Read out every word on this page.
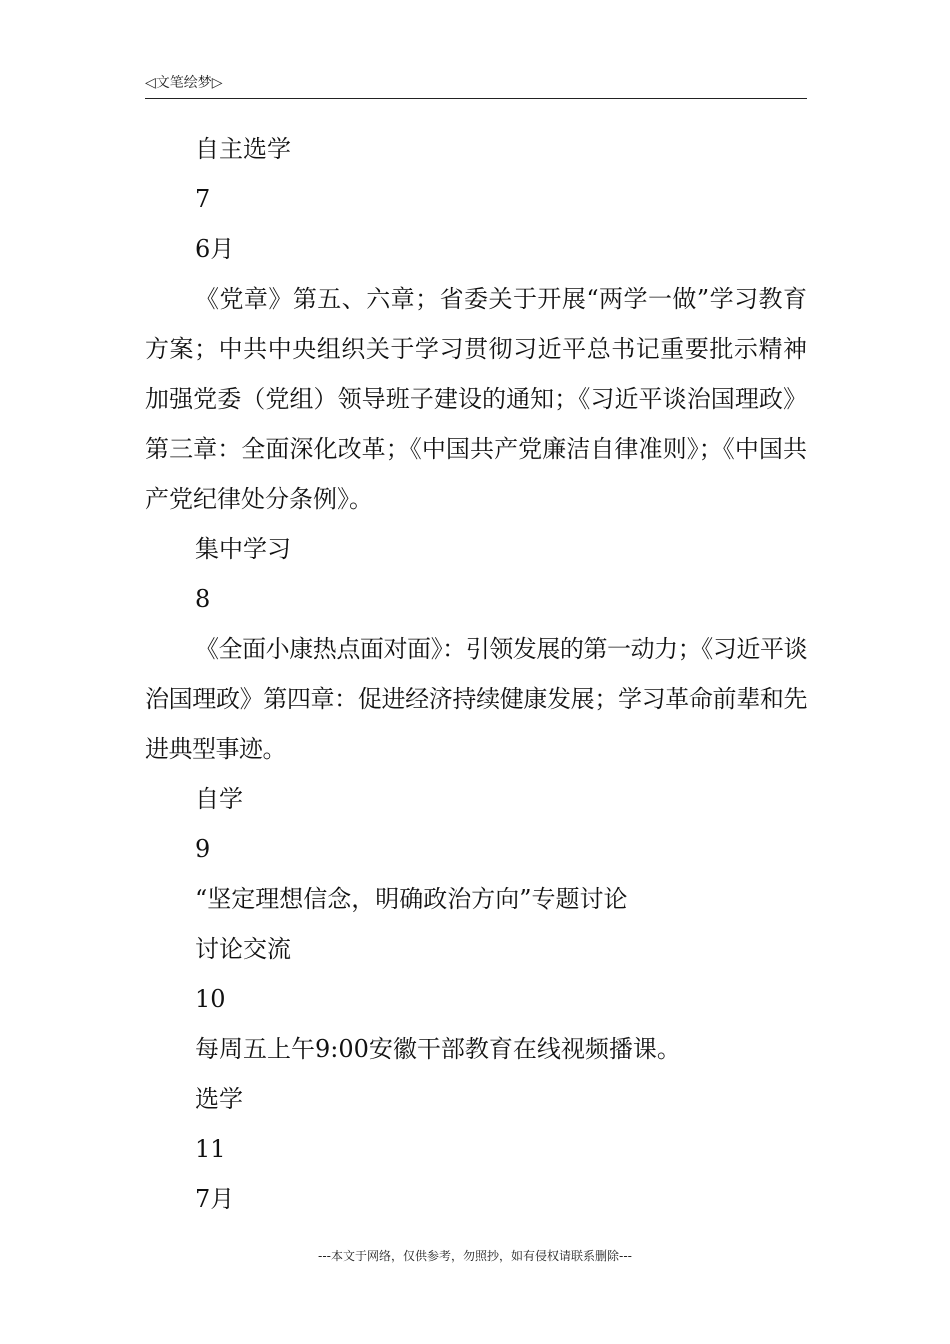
◁文笔绘梦▷

自主选学

7

6月

《党章》第五、六章；省委关于开展“两学一做”学习教育方案；中共中央组织关于学习贯彻习近平总书记重要批示精神加强党委（党组）领导班子建设的通知；《习近平谈治国理政》第三章：全面深化改革；《中国共产党廉洁自律准则》；《中国共产党纪律处分条例》。

集中学习

8

《全面小康热点面对面》：引领发展的第一动力；《习近平谈治国理政》第四章：促进经济持续健康发展；学习革命前辈和先进典型事迹。

自学

9

“坚定理想信念，明确政治方向”专题讨论

讨论交流

10

每周五上午9:00安徽干部教育在线视频播课。

选学

11

7月

---本文于网络，仅供参考，勿照抄，如有侵权请联系删除---
